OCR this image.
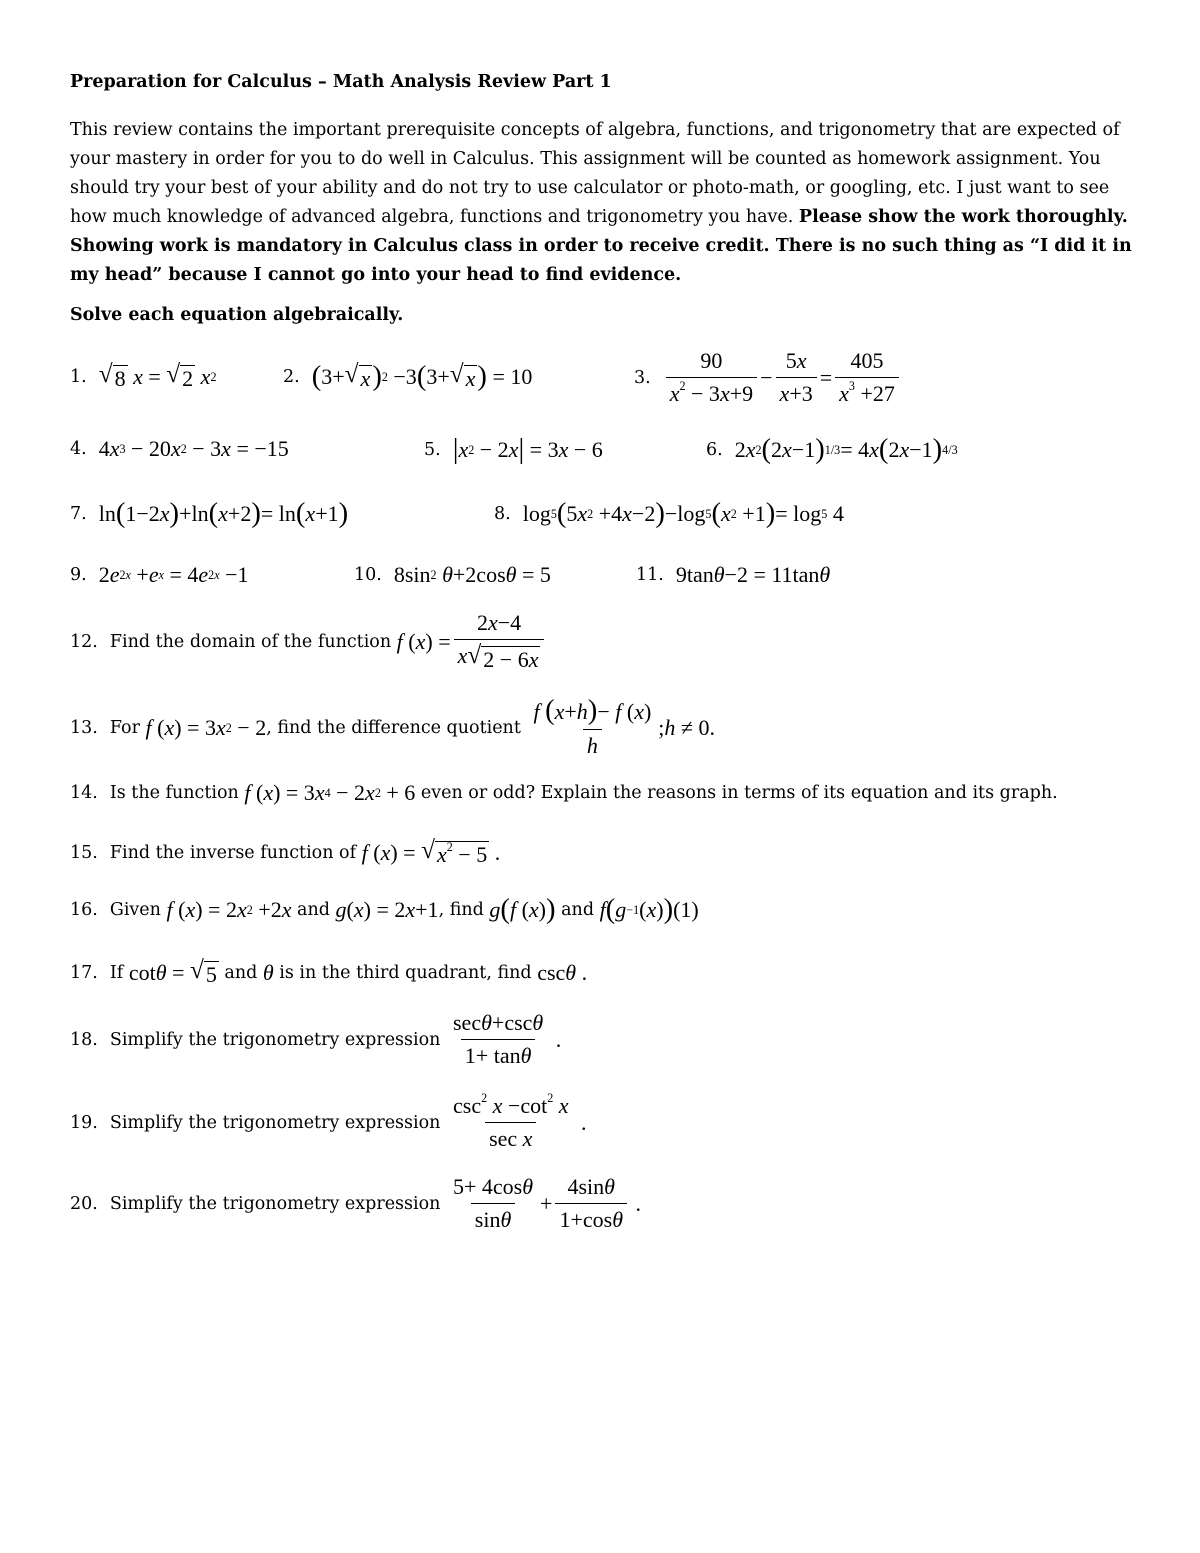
Preparation for Calculus – Math Analysis Review Part 1
This review contains the important prerequisite concepts of algebra, functions, and trigonometry that are expected of your mastery in order for you to do well in Calculus. This assignment will be counted as homework assignment. You should try your best of your ability and do not try to use calculator or photo-math, or googling, etc. I just want to see how much knowledge of advanced algebra, functions and trigonometry you have. Please show the work thoroughly. Showing work is mandatory in Calculus class in order to receive credit. There is no such thing as “I did it in my head” because I cannot go into your head to find evidence.
Solve each equation algebraically.
1. √ 8
x = √ 2
x 2	2. ( 3+ √ x ) 2 −3 ( 3+ √ x ) = 10	3. $\frac{90}{x^2 - 3x+9} - \frac{5x}{x+3} = \frac{405}{x^3 +27}$
4. 4 x 3 − 20 x 2 − 3 x = −15	5. | x 2 − 2 x | = 3 x − 6	6. 2 x 2 ( 2 x −1 ) 1/3 = 4 x ( 2 x −1 ) 4/3
7. ln ( 1−2 x ) +ln ( x +2 ) = ln ( x +1 )	8. log 5 ( 5 x 2 +4 x −2 ) −log 5 ( x 2 +1 ) = log 5 4
9. 2 e 2x + e x = 4 e 2x −1	10. 8sin 2
θ +2cos θ = 5	11. 9tan θ −2 = 11tan θ
12. Find the domain of the function
f ( x ) = $\frac{2x-4}{x √ 2 - 6x}$
13. For
f ( x ) = 3 x 2 − 2 , find the difference quotient
$\frac{f (x+h)- f (x)}{h}$ ; h ≠ 0.
14. Is the function
f ( x ) = 3 x 4 − 2 x 2 + 6
even or odd? Explain the reasons in terms of its equation and its graph.
15. Find the inverse function of
f ( x ) = √ $x^2 - 5$ .
16. Given
f ( x ) = 2 x 2 +2 x
and
g ( x ) = 2 x +1 , find
g ( f ( x ) )
and
f ( g −1 ( x ) ) (1)
17. If
cot θ = √ 5
and
θ
is in the third quadrant, find
csc θ .
18. Simplify the trigonometry expression
$\frac{\sec\theta+\csc\theta}{1+ \tan\theta}$ .
19. Simplify the trigonometry expression
$\frac{\csc^2 x -\cot^2 x}{\text{sec x}}$ .
20. Simplify the trigonometry expression
$\frac{5+ 4\cos\theta}{\sin\theta} + \frac{4\sin\theta}{1+\cos\theta}$ .
